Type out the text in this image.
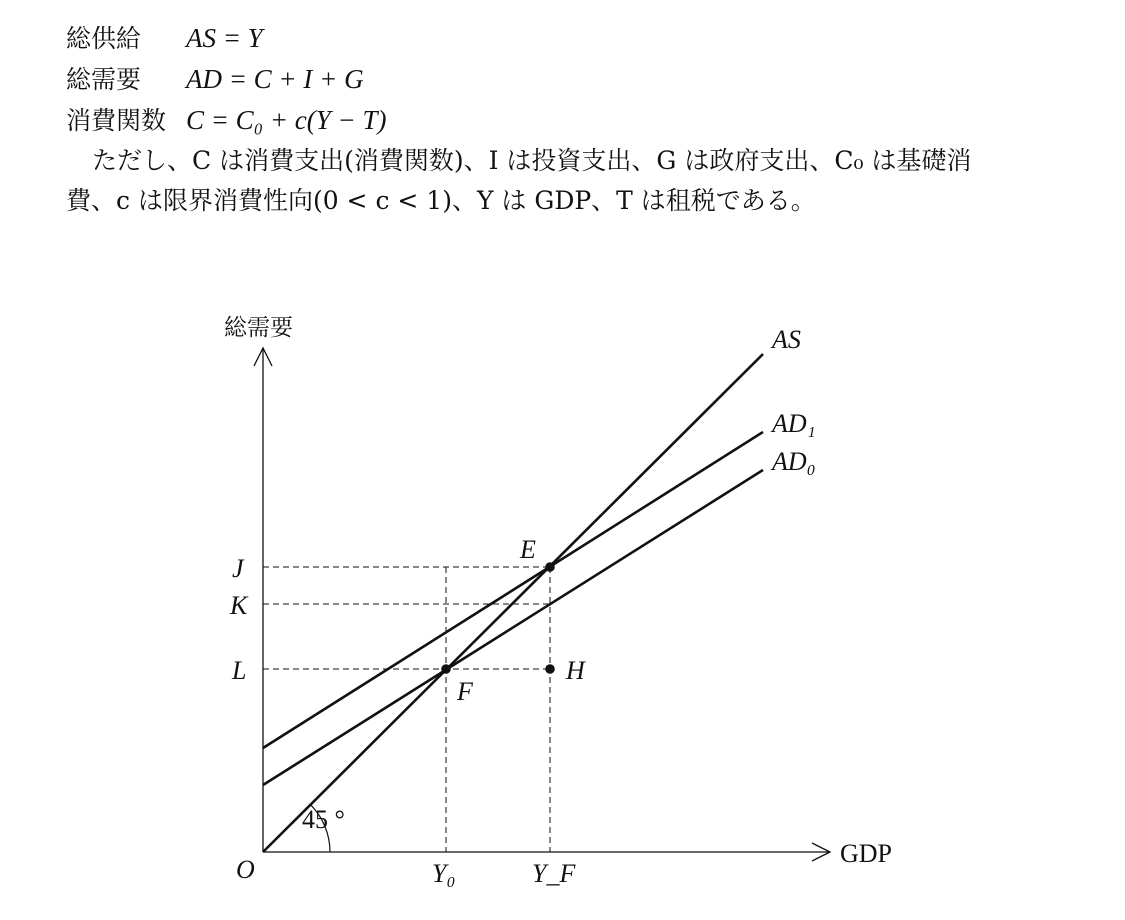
総供給 AS = Y
総需要 AD = C + I + G
消費関数 C = C₀ + c(Y − T)
ただし、C は消費支出(消費関数)、I は投資支出、G は政府支出、C₀ は基礎消
費、c は限界消費性向(0 < c < 1)、Y は GDP、T は租税である。
総需要
GDP
O
45 °
AS
AD₁
AD₀
E
F
H
J
K
L
Y₀	Y_F
